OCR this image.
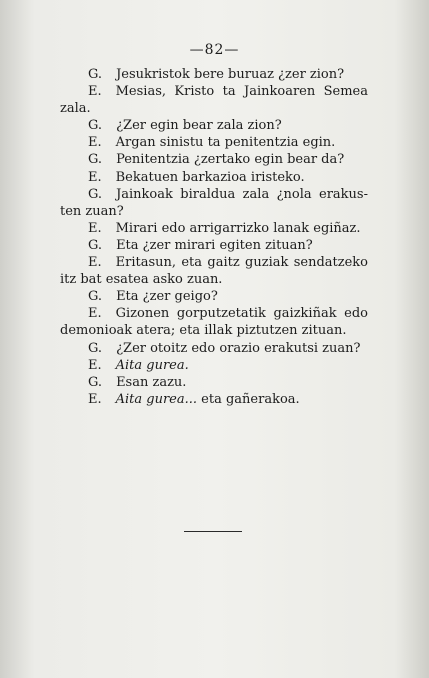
—82—
G. Jesukristok bere buruaz ¿zer zion?
E. Mesias, Kristo ta Jainkoaren Semea
zala.
G. ¿Zer egin bear zala zion?
E. Argan sinistu ta penitentzia egin.
G. Penitentzia ¿zertako egin bear da?
E. Bekatuen barkazioa iristeko.
G. Jainkoak biraldua zala ¿nola erakus-
ten zuan?
E. Mirari edo arrigarrizko lanak egiñaz.
G. Eta ¿zer mirari egiten zituan?
E. Eritasun, eta gaitz guziak sendatzeko
itz bat esatea asko zuan.
G. Eta ¿zer geigo?
E. Gizonen gorputzetatik gaizkiñak edo
demonioak atera; eta illak piztutzen zituan.
G. ¿Zer otoitz edo orazio erakutsi zuan?
E. Aita gurea.
G. Esan zazu.
E. Aita gurea... eta gañerakoa.
